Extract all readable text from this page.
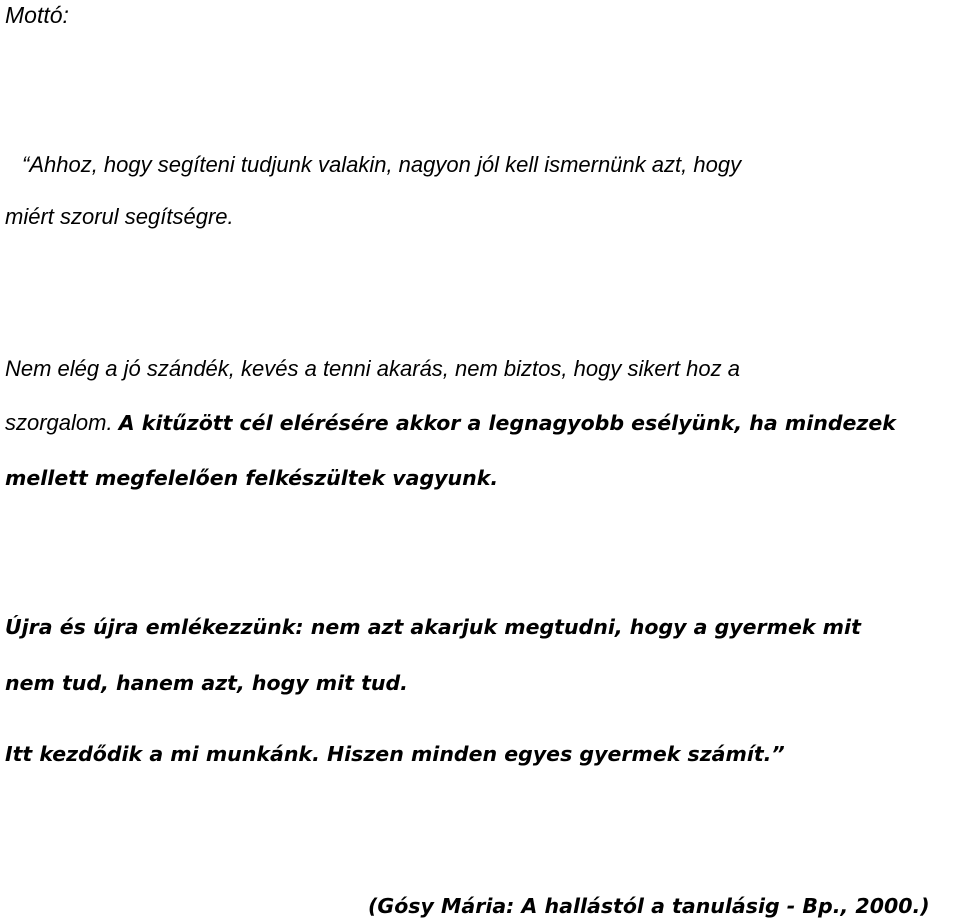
Mottó:
“Ahhoz, hogy segíteni tudjunk valakin, nagyon jól kell ismernünk azt, hogy
miért szorul segítségre.
Nem elég a jó szándék, kevés a tenni akarás, nem biztos, hogy sikert hoz a
szorgalom. A kitűzött cél elérésére akkor a legnagyobb esélyünk, ha mindezek
mellett megfelelően felkészültek vagyunk.
Újra és újra emlékezzünk: nem azt akarjuk megtudni, hogy a gyermek mit
nem tud, hanem azt, hogy mit tud.
Itt kezdődik a mi munkánk. Hiszen minden egyes gyermek számít.”
(Gósy Mária: A hallástól a tanulásig - Bp., 2000.)
